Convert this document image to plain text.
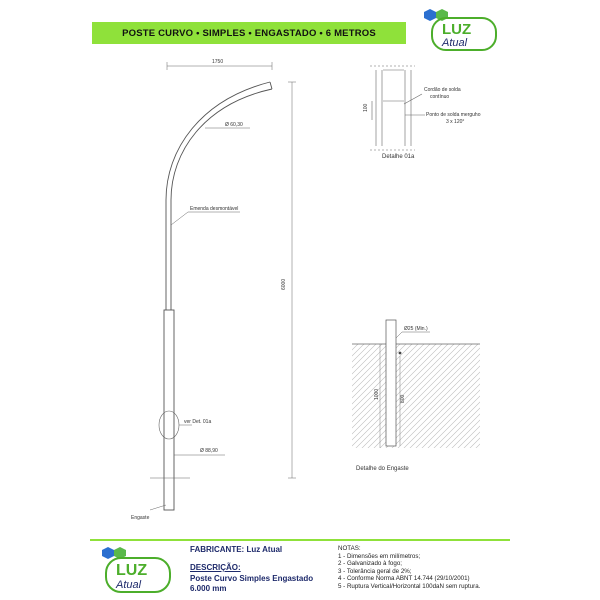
POSTE CURVO • SIMPLES • ENGASTADO • 6 METROS	LUZ
Atual
1750
Ø 60,30
Emenda desmontável
6000
ver Det. 01a
Ø 88,90
Engaste
100
Cordão de solda
contínuo
Ponto de solda merguho
3 x 120°
Detalhe 01a
Ø25 (Min.)
1000	800
Detalhe do Engaste
LUZ
Atual
FABRICANTE: Luz Atual
DESCRIÇÃO:
Poste Curvo Simples Engastado
6.000 mm
NOTAS:
1 - Dimensões em milímetros;
2 - Galvanizado à fogo;
3 - Tolerância geral de 2%;
4 - Conforme Norma ABNT 14.744 (29/10/2001)
5 - Ruptura Vertical/Horizontal 100daN sem ruptura.
